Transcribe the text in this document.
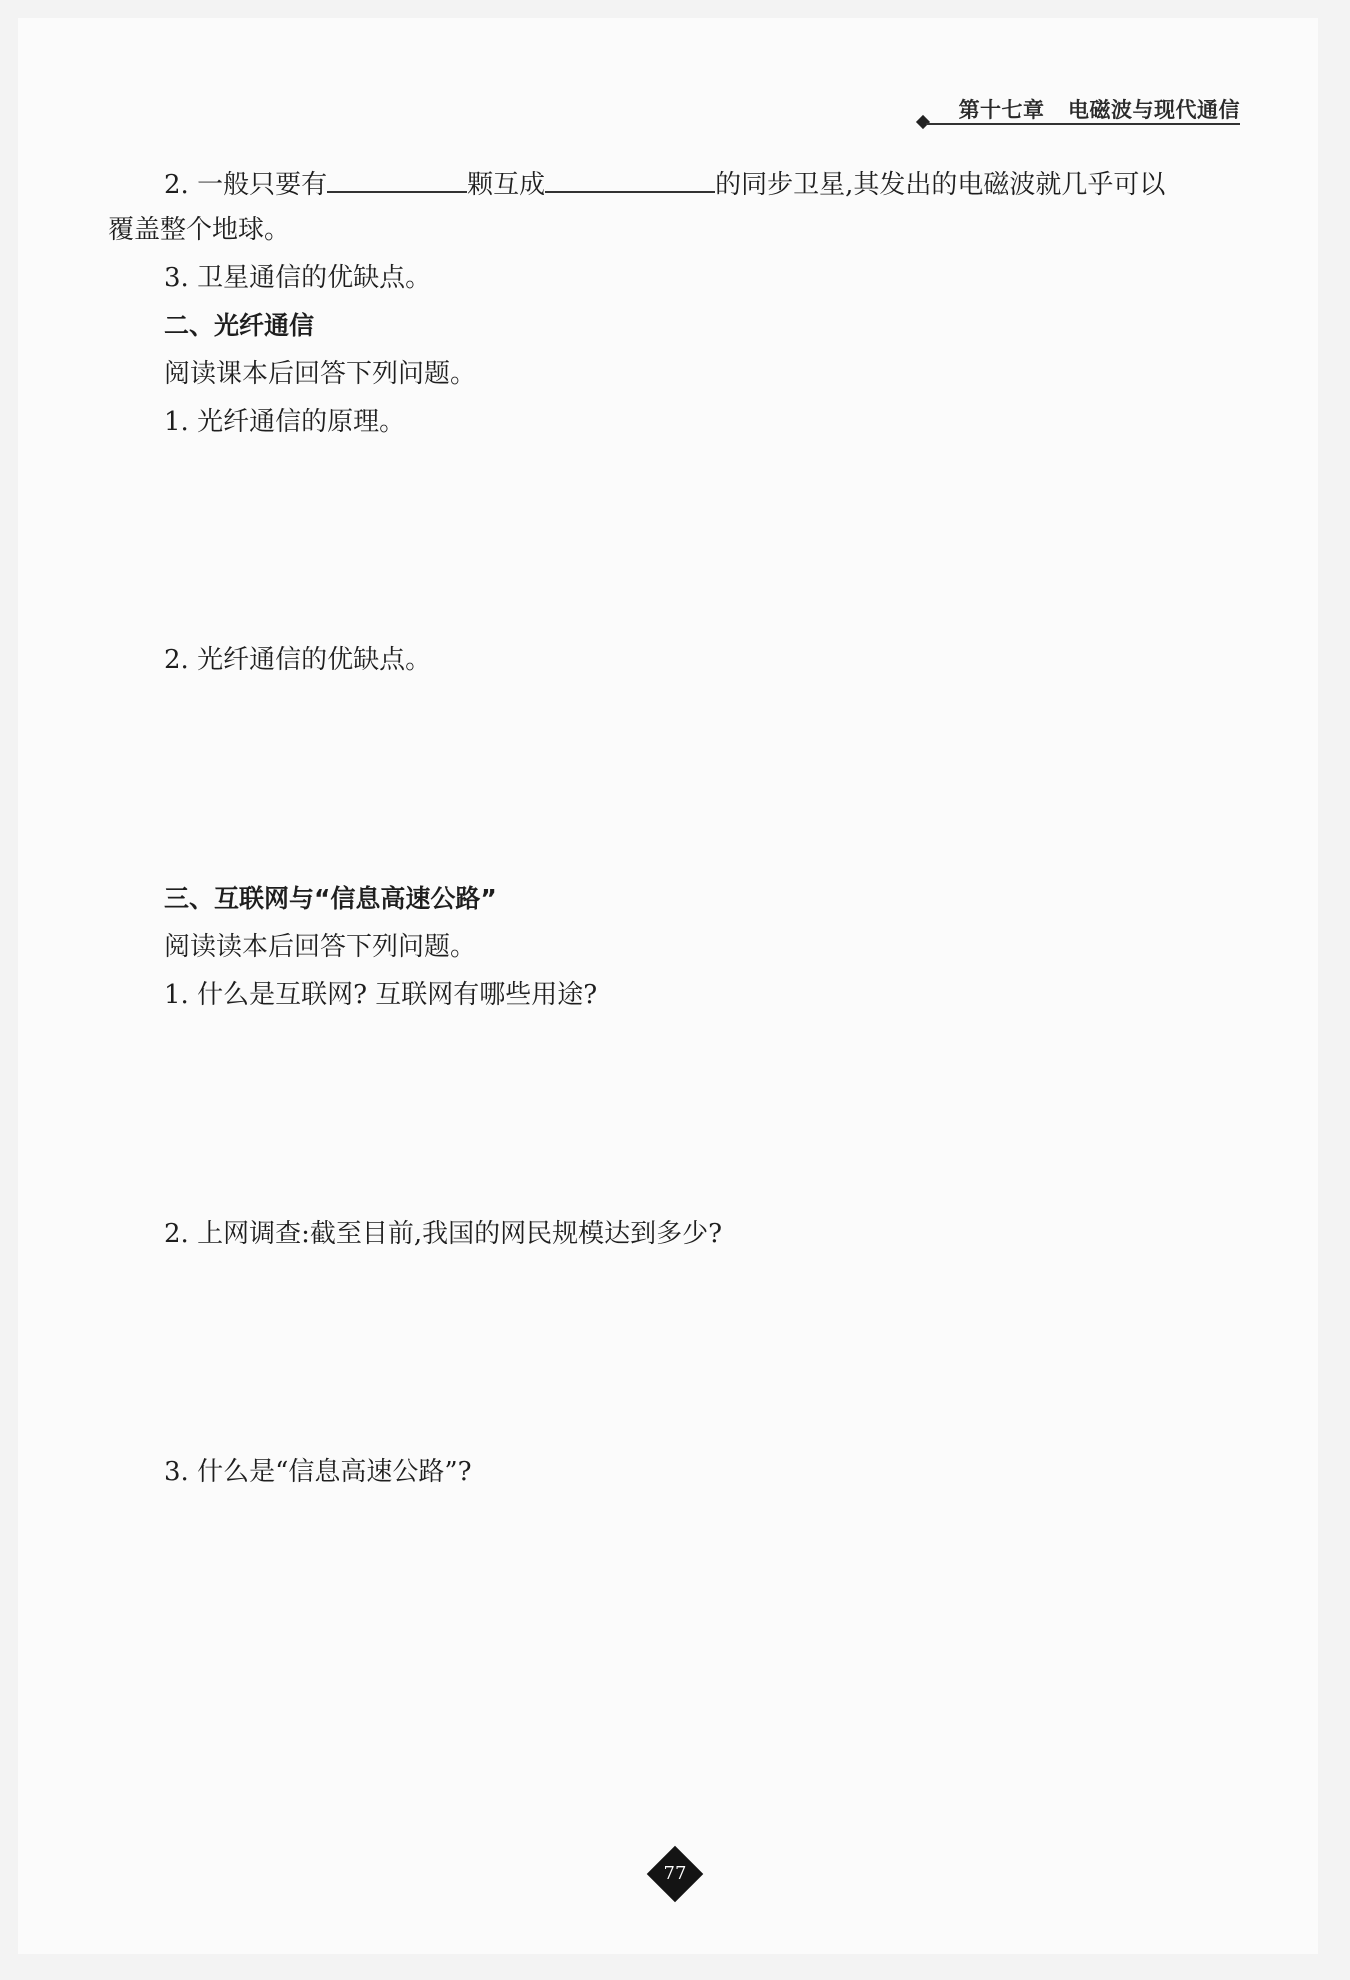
第十七章 电磁波与现代通信
2. 一般只要有	颗互成	的同步卫星,其发出的电磁波就几乎可以
覆盖整个地球。
3. 卫星通信的优缺点。
二、光纤通信
阅读课本后回答下列问题。
1. 光纤通信的原理。
2. 光纤通信的优缺点。
三、互联网与“信息高速公路”
阅读读本后回答下列问题。
1. 什么是互联网? 互联网有哪些用途?
2. 上网调查:截至目前,我国的网民规模达到多少?
3. 什么是“信息高速公路”?
77
